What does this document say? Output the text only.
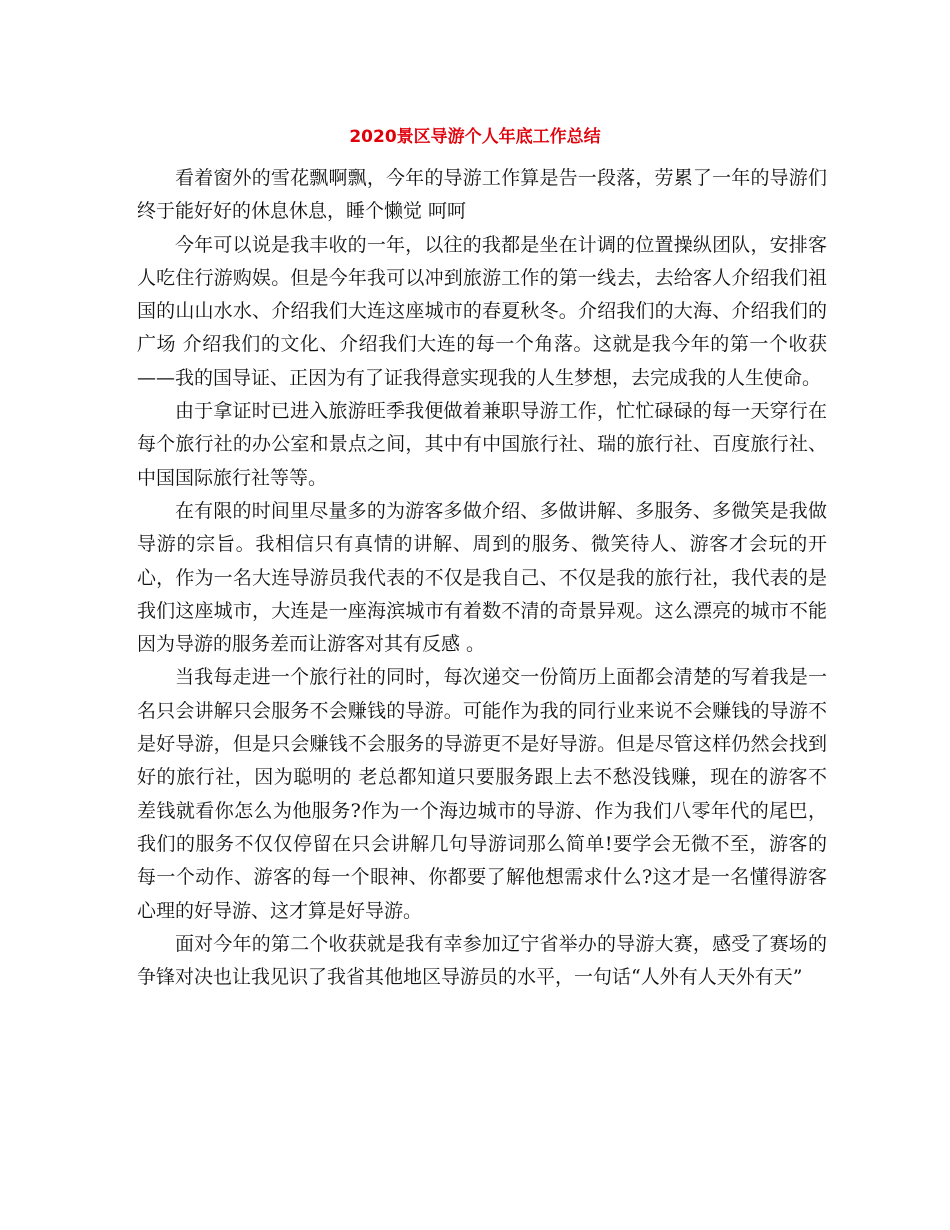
2020景区导游个人年底工作总结

看着窗外的雪花飘啊飘，今年的导游工作算是告一段落，劳累了一年的导游们终于能好好的休息休息，睡个懒觉 呵呵

今年可以说是我丰收的一年，以往的我都是坐在计调的位置操纵团队，安排客人吃住行游购娱。但是今年我可以冲到旅游工作的第一线去，去给客人介绍我们祖国的山山水水、介绍我们大连这座城市的春夏秋冬。介绍我们的大海、介绍我们的广场 介绍我们的文化、介绍我们大连的每一个角落。这就是我今年的第一个收获——我的国导证、正因为有了证我得意实现我的人生梦想，去完成我的人生使命。

由于拿证时已进入旅游旺季我便做着兼职导游工作，忙忙碌碌的每一天穿行在每个旅行社的办公室和景点之间，其中有中国旅行社、瑞的旅行社、百度旅行社、中国国际旅行社等等。

在有限的时间里尽量多的为游客多做介绍、多做讲解、多服务、多微笑是我做导游的宗旨。我相信只有真情的讲解、周到的服务、微笑待人、游客才会玩的开心，作为一名大连导游员我代表的不仅是我自己、不仅是我的旅行社，我代表的是我们这座城市，大连是一座海滨城市有着数不清的奇景异观。这么漂亮的城市不能因为导游的服务差而让游客对其有反感 。

当我每走进一个旅行社的同时，每次递交一份简历上面都会清楚的写着我是一名只会讲解只会服务不会赚钱的导游。可能作为我的同行业来说不会赚钱的导游不是好导游，但是只会赚钱不会服务的导游更不是好导游。但是尽管这样仍然会找到好的旅行社，因为聪明的 老总都知道只要服务跟上去不愁没钱赚，现在的游客不差钱就看你怎么为他服务?作为一个海边城市的导游、作为我们八零年代的尾巴，我们的服务不仅仅停留在只会讲解几句导游词那么简单!要学会无微不至，游客的每一个动作、游客的每一个眼神、你都要了解他想需求什么?这才是一名懂得游客心理的好导游、这才算是好导游。

面对今年的第二个收获就是我有幸参加辽宁省举办的导游大赛，感受了赛场的争锋对决也让我见识了我省其他地区导游员的水平，一句话“人外有人天外有天”
